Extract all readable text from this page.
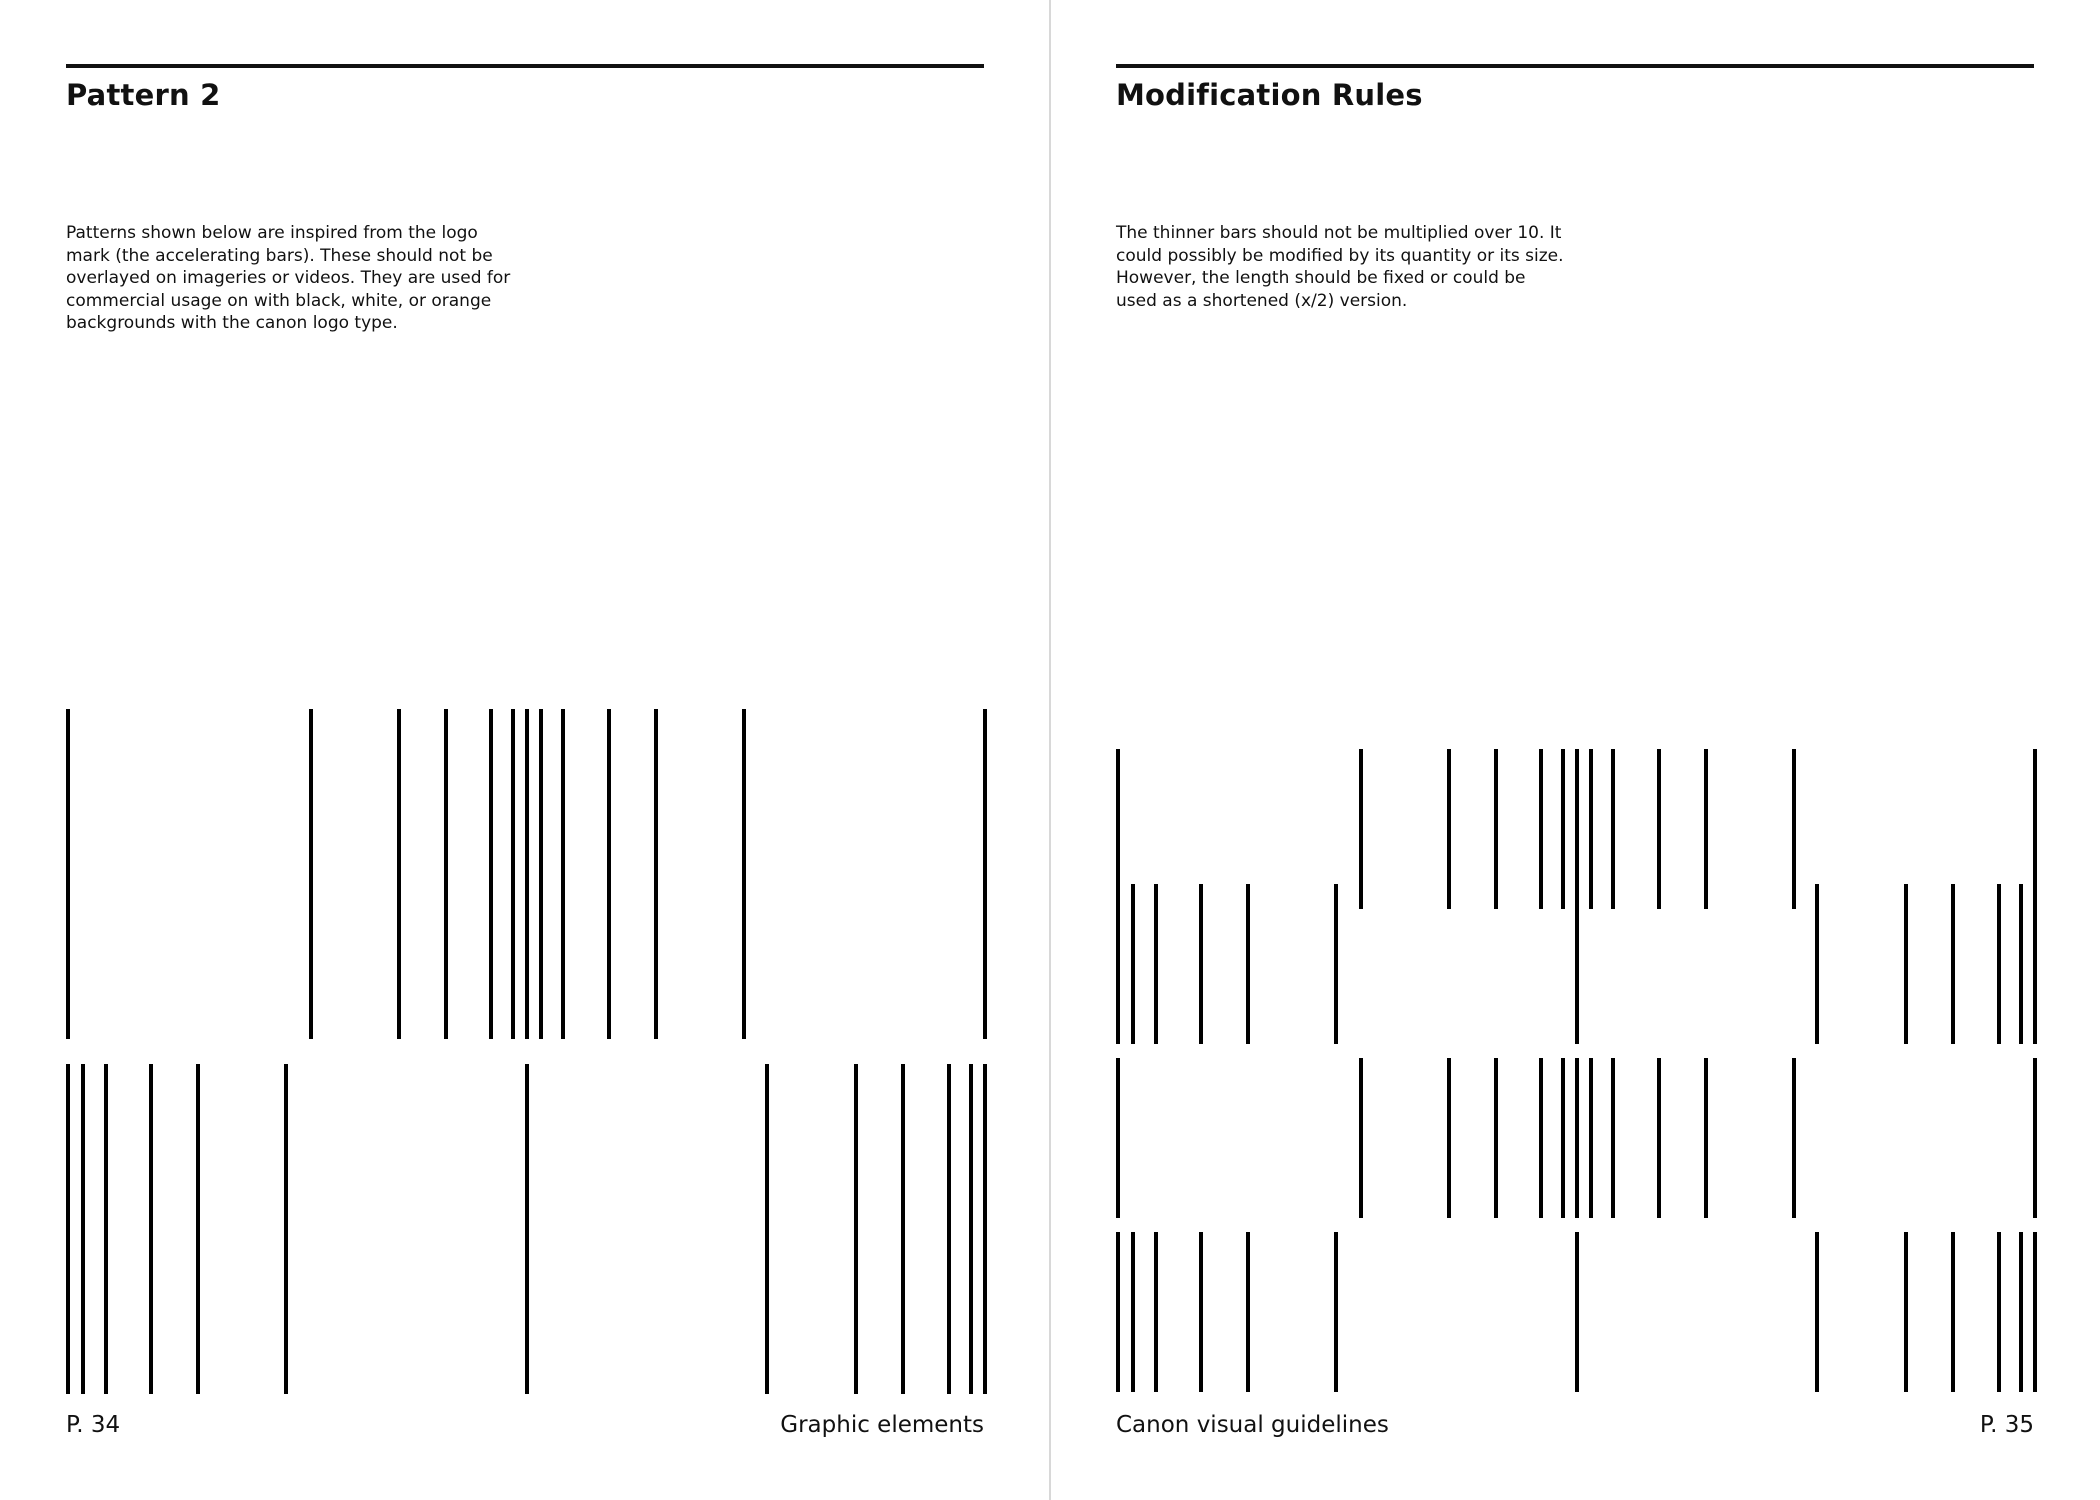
Pattern 2

Patterns shown below are inspired from the logo mark (the accelerating bars). These should not be overlayed on imageries or videos. They are used for commercial usage on with black, white, or orange backgrounds with the canon logo type.

P. 34	Graphic elements
Modification Rules

The thinner bars should not be multiplied over 10. It could possibly be modified by its quantity or its size. However, the length should be fixed or could be used as a shortened (x/2) version.

Canon visual guidelines	P. 35
